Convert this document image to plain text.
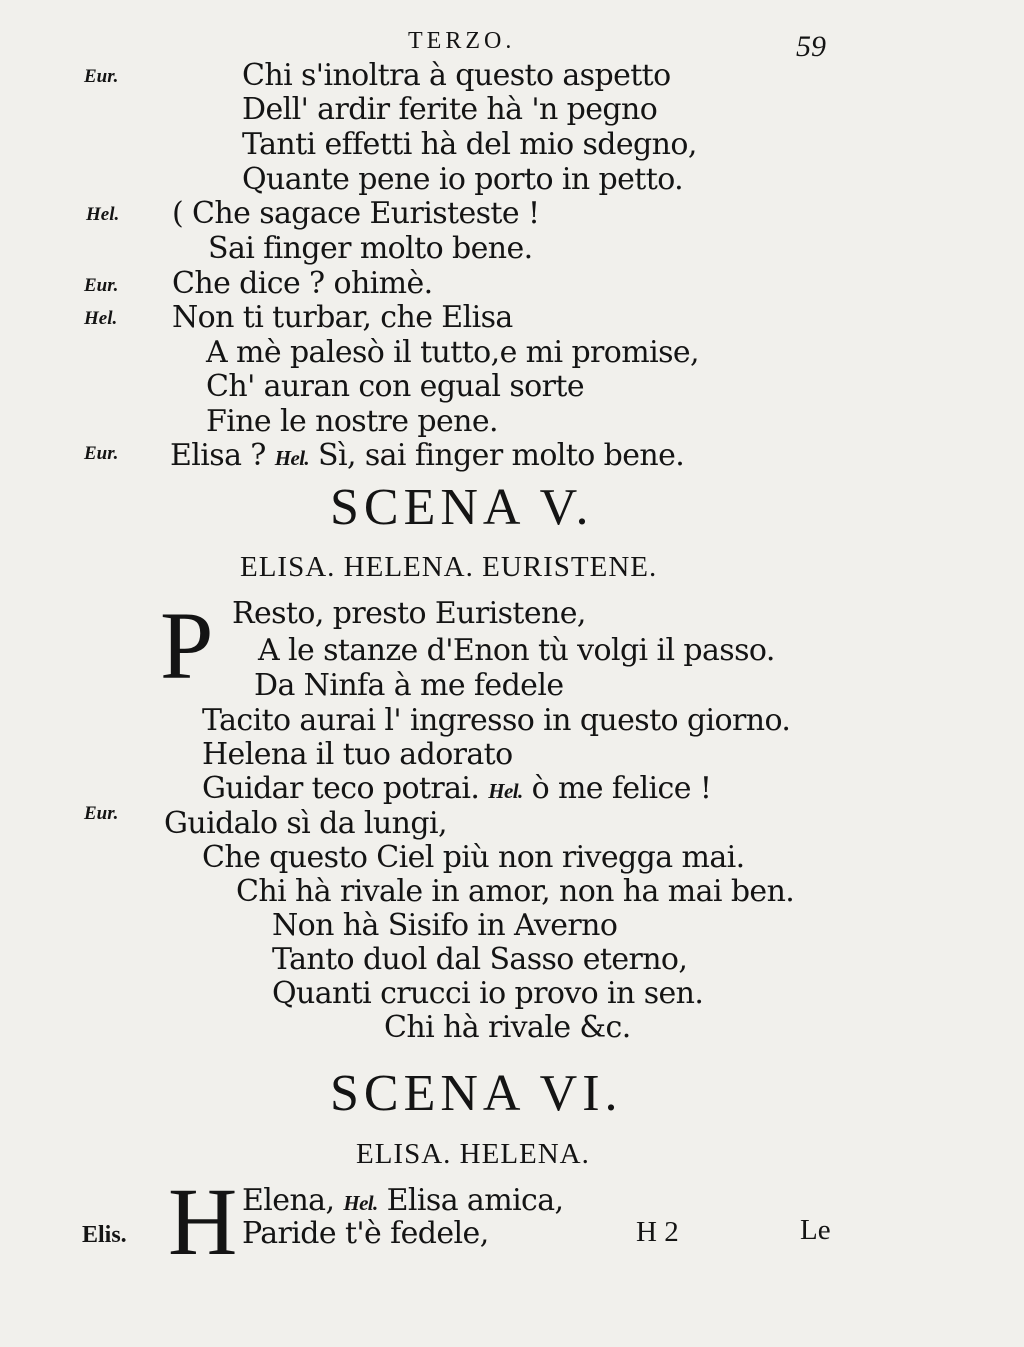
TERZO.	59
Eur.	Chi s'inoltra à questo aspetto
Dell' ardir ferite hà 'n pegno
Tanti effetti hà del mio sdegno,
Quante pene io porto in petto.
Hel. ( Che sagace Euristeste !
Sai finger molto bene.
Eur. Che dice ? ohimè.
Hel. Non ti turbar, che Elisa
A mè palesò il tutto,e mi promise,
Ch' auran con egual sorte
Fine le nostre pene.
Eur. Elisa ? Hel. Sì, sai finger molto bene.
SCENA V.
ELISA. HELENA. EURISTENE.
P Resto, presto Euristene,
A le stanze d'Enon tù volgi il passo.
Da Ninfa à me fedele
Tacito aurai l' ingresso in questo giorno.
Helena il tuo adorato
Guidar teco potrai. Hel. ò me felice !
Eur. Guidalo sì da lungi,
Che questo Ciel più non rivegga mai.
Chi hà rivale in amor, non ha mai ben.
Non hà Sisifo in Averno
Tanto duol dal Sasso eterno,
Quanti crucci io provo in sen.
Chi hà rivale &c.
SCENA VI.
ELISA. HELENA.
H Elena, Hel. Elisa amica,
Elis.	Paride t'è fedele,	H 2	Le
